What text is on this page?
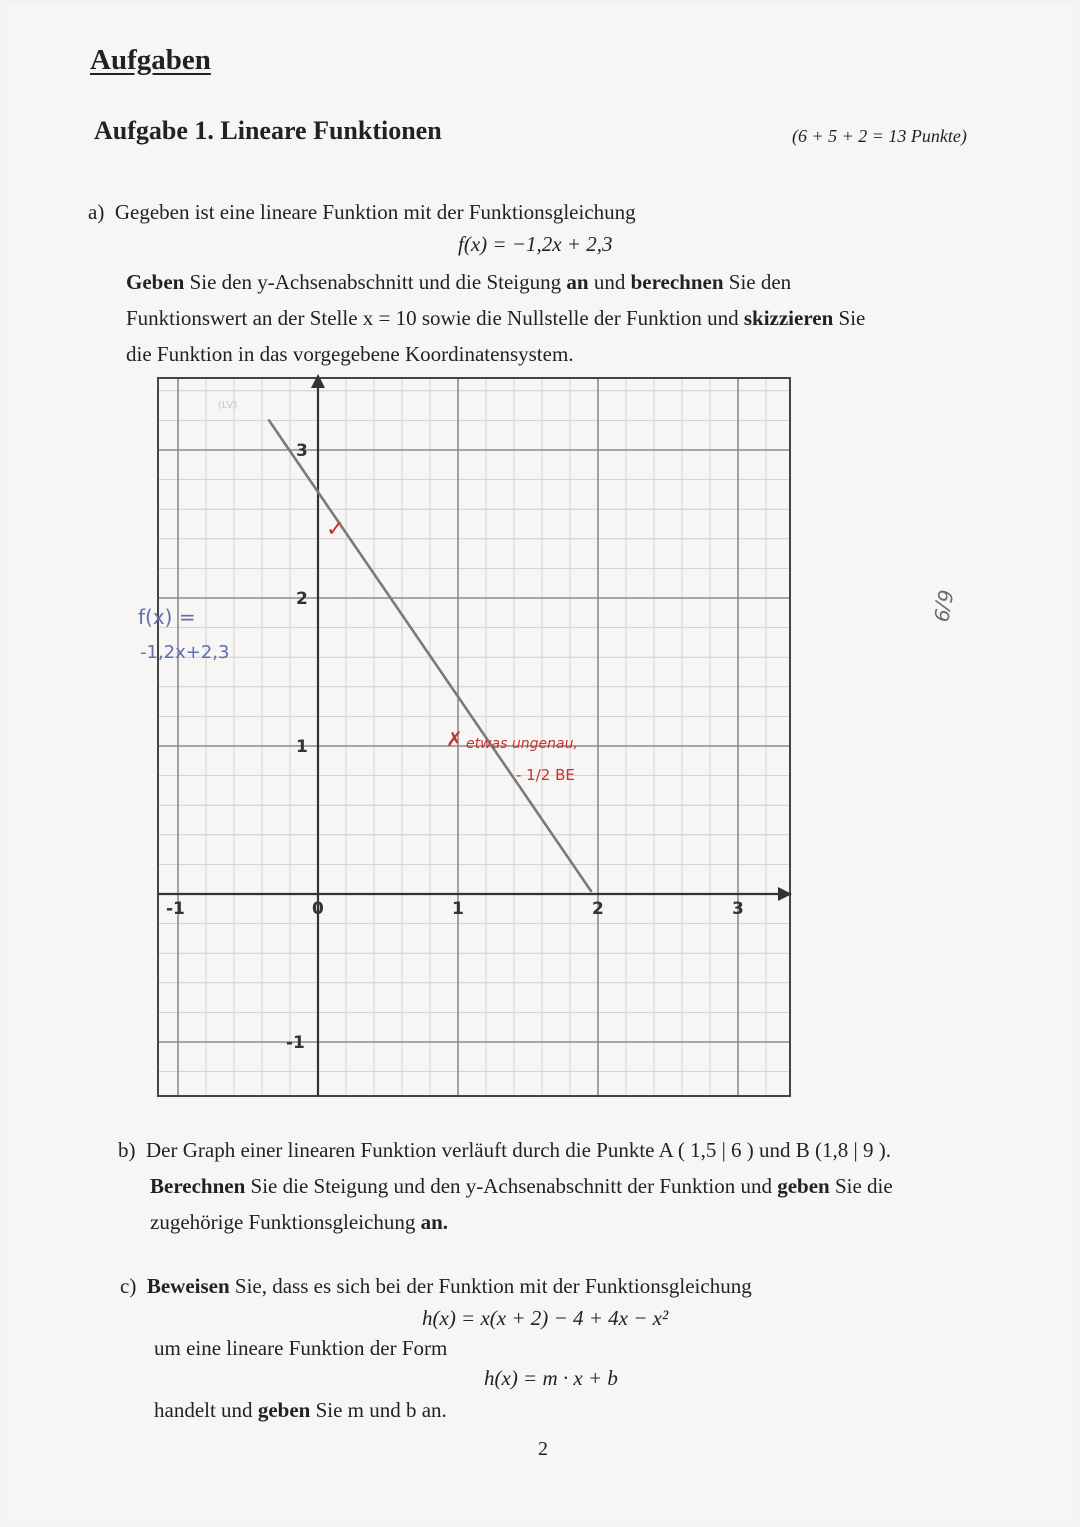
Aufgaben
Aufgabe 1. Lineare Funktionen	(6 + 5 + 2 = 13 Punkte)
a) Gegeben ist eine lineare Funktion mit der Funktionsgleichung
f(x) = −1,2x + 2,3
Geben Sie den y-Achsenabschnitt und die Steigung an und berechnen Sie den
Funktionswert an der Stelle x = 10 sowie die Nullstelle der Funktion und skizzieren Sie
die Funktion in das vorgegebene Koordinatensystem.
-1	0	1	2	3
3
2
1
-1
(LV)
f(x) =
-1,2x+2,3
✓
✗ etwas ungenau,
- 1/2 BE
6/9
b) Der Graph einer linearen Funktion verläuft durch die Punkte A ( 1,5 | 6 ) und B (1,8 | 9 ).
Berechnen Sie die Steigung und den y-Achsenabschnitt der Funktion und geben Sie die
zugehörige Funktionsgleichung an.
c) Beweisen Sie, dass es sich bei der Funktion mit der Funktionsgleichung
h(x) = x(x + 2) − 4 + 4x − x²
um eine lineare Funktion der Form
h(x) = m · x + b
handelt und geben Sie m und b an.
2
